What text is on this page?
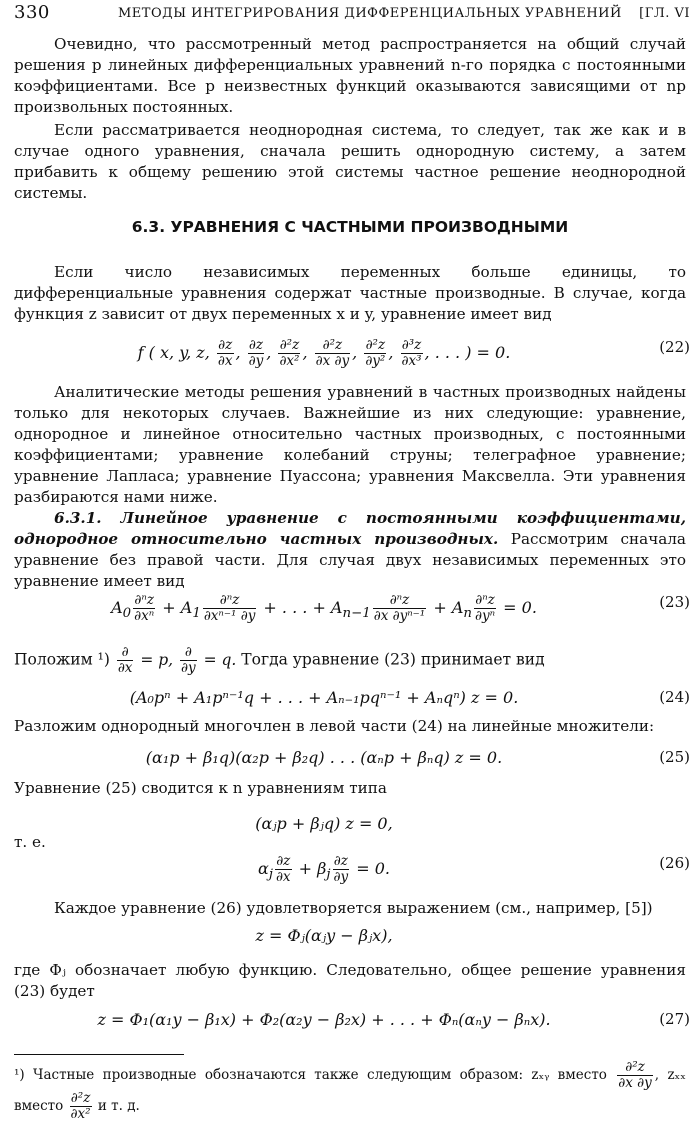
330	МЕТОДЫ ИНТЕГРИРОВАНИЯ ДИФФЕРЕНЦИАЛЬНЫХ УРАВНЕНИЙ [ГЛ. VI
Очевидно, что рассмотренный метод распространяется на общий случай решения p линейных дифференциальных уравнений n-го порядка с постоянными коэффициентами. Все p неизвестных функций оказываются зависящими от np произвольных постоянных.
Если рассматривается неоднородная система, то следует, так же как и в случае одного уравнения, сначала решить однородную систему, а затем прибавить к общему решению этой системы частное решение неоднородной системы.
6.3. УРАВНЕНИЯ С ЧАСТНЫМИ ПРОИЗВОДНЫМИ
Если число независимых переменных больше единицы, то дифференциальные уравнения содержат частные производные. В случае, когда функция z зависит от двух переменных x и y, уравнение имеет вид
f ( x, y, z, $\frac{\partial z}{\partial x}$ , $\frac{\partial z}{\partial y}$ , $\frac{\text{∂²z}}{\text{∂x²}}$ , $\frac{\text{∂²z}}{\partial x \partial y}$ , $\frac{\text{∂²z}}{\text{∂y²}}$ , $\frac{\text{∂³z}}{\text{∂x³}}$ , . . . ) = 0.	(22)
Аналитические методы решения уравнений в частных производных найдены только для некоторых случаев. Важнейшие из них следующие: уравнение, однородное и линейное относительно частных производных, с постоянными коэффициентами; уравнение колебаний струны; телеграфное уравнение; уравнение Лапласа; уравнение Пуассона; уравнения Максвелла. Эти уравнения разбираются нами ниже.
6.3.1. Линейное уравнение с постоянными коэффициентами, однородное относительно частных производных. Рассмотрим сначала уравнение без правой части. Для случая двух независимых переменных это уравнение имеет вид
$A_0 \frac{\text{∂ⁿz}}{\text{∂xⁿ}} + A_1 \frac{\text{∂ⁿz}}{\text{∂xⁿ⁻¹ ∂y}}$ + . . . + $A_{n-1} \frac{\text{∂ⁿz}}{\text{∂x ∂yⁿ⁻¹}} + A_n \frac{\text{∂ⁿz}}{\text{∂yⁿ}} = 0$.	(23)
Положим $^1) \frac{\partial}{\partial x} = p$, $\frac{\partial}{\partial y} = q$. Тогда уравнение (23) принимает вид
(A₀pⁿ + A₁pⁿ⁻¹q + . . . + Aₙ₋₁pqⁿ⁻¹ + Aₙqⁿ) z = 0.	(24)
Разложим однородный многочлен в левой части (24) на линейные множители:
(α₁p + β₁q)(α₂p + β₂q) . . . (αₙp + βₙq) z = 0.	(25)
Уравнение (25) сводится к n уравнениям типа
(αⱼp + βⱼq) z = 0,
т. е.
$\alpha_j \frac{\partial z}{\partial x} + \beta_j \frac{\partial z}{\partial y} = 0$.	(26)
Каждое уравнение (26) удовлетворяется выражением (см., например, [5])
z = Φⱼ(αⱼy − βⱼx),
где Φⱼ обозначает любую функцию. Следовательно, общее решение уравнения (23) будет
z = Φ₁(α₁y − β₁x) + Φ₂(α₂y − β₂x) + . . . + Φₙ(αₙy − βₙx).	(27)
¹) Частные производные обозначаются также следующим образом: zₓᵧ вместо $\frac{\text{∂²z}}{\partial x \partial y}$ , zₓₓ вместо $\frac{\text{∂²z}}{\text{∂x²}}$ и т. д.
